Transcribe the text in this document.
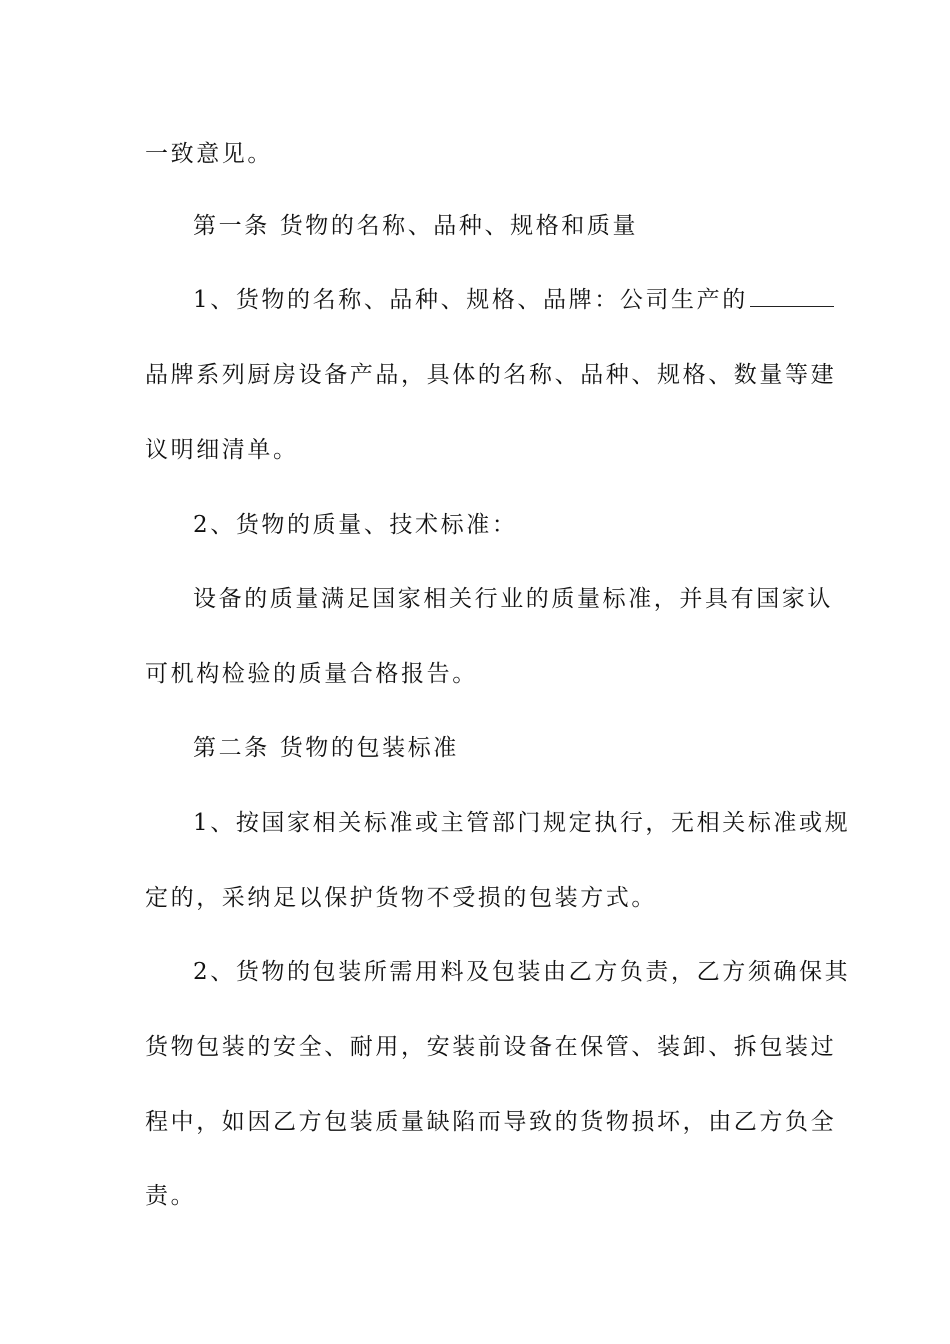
一致意见。
第一条 货物的名称、品种、规格和质量
1、货物的名称、品种、规格、品牌：公司生产的
品牌系列厨房设备产品，具体的名称、品种、规格、数量等建
议明细清单。
2、货物的质量、技术标准：
设备的质量满足国家相关行业的质量标准，并具有国家认
可机构检验的质量合格报告。
第二条 货物的包装标准
1、按国家相关标准或主管部门规定执行，无相关标准或规
定的，采纳足以保护货物不受损的包装方式。
2、货物的包装所需用料及包装由乙方负责，乙方须确保其
货物包装的安全、耐用，安装前设备在保管、装卸、拆包装过
程中，如因乙方包装质量缺陷而导致的货物损坏，由乙方负全
责。
